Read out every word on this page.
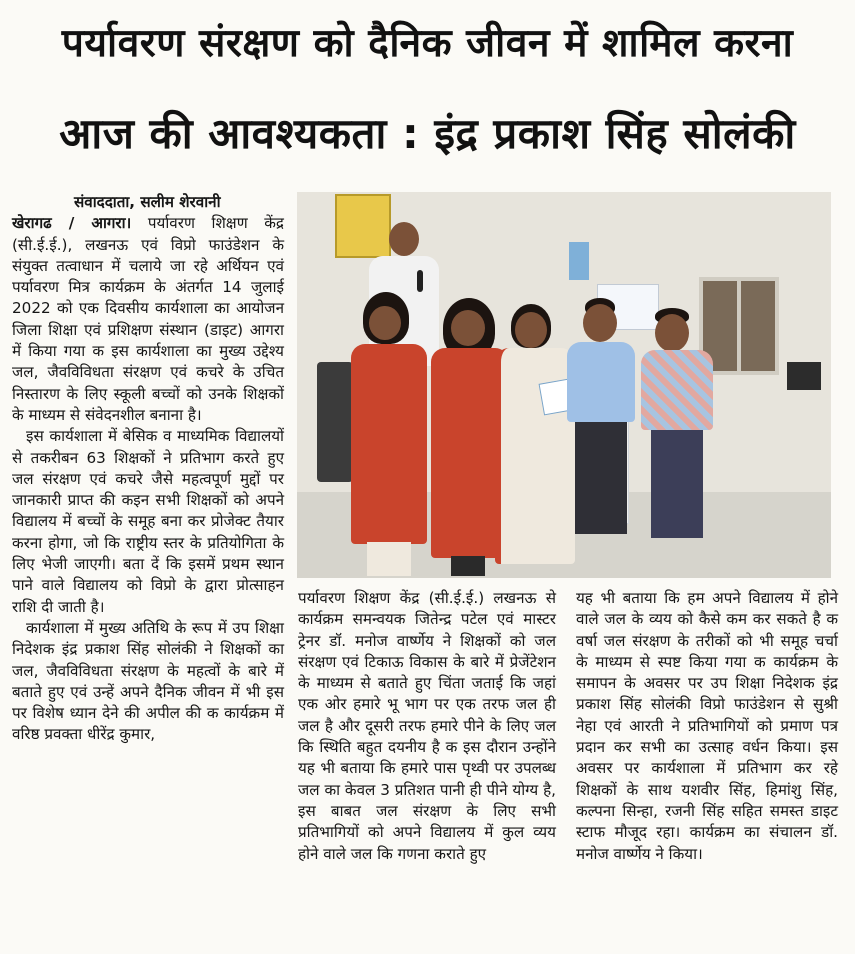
पर्यावरण संरक्षण को दैनिक जीवन में शामिल करना
आज की आवश्यकता : इंद्र प्रकाश सिंह सोलंकी

संवाददाता, सलीम शेरवानी

खेरागढ / आगरा। पर्यावरण शिक्षण केंद्र (सी.ई.ई.), लखनऊ एवं विप्रो फाउंडेशन के संयुक्त तत्वाधान में चलाये जा रहे अर्थियन एवं पर्यावरण मित्र कार्यक्रम के अंतर्गत 14 जुलाई 2022 को एक दिवसीय कार्यशाला का आयोजन जिला शिक्षा एवं प्रशिक्षण संस्थान (डाइट) आगरा में किया गया क इस कार्यशाला का मुख्य उद्देश्य जल, जैवविविधता संरक्षण एवं कचरे के उचित निस्तारण के लिए स्कूली बच्चों को उनके शिक्षकों के माध्यम से संवेदनशील बनाना है।

इस कार्यशाला में बेसिक व माध्यमिक विद्यालयों से तकरीबन 63 शिक्षकों ने प्रतिभाग करते हुए जल संरक्षण एवं कचरे जैसे महत्वपूर्ण मुद्दों पर जानकारी प्राप्त की कइन सभी शिक्षकों को अपने विद्यालय में बच्चों के समूह बना कर प्रोजेक्ट तैयार करना होगा, जो कि राष्ट्रीय स्तर के प्रतियोगिता के लिए भेजी जाएगी। बता दें कि इसमें प्रथम स्थान पाने वाले विद्यालय को विप्रो के द्वारा प्रोत्साहन राशि दी जाती है।

कार्यशाला में मुख्य अतिथि के रूप में उप शिक्षा निदेशक इंद्र प्रकाश सिंह सोलंकी ने शिक्षकों का जल, जैवविविधता संरक्षण के महत्वों के बारे में बताते हुए एवं उन्हें अपने दैनिक जीवन में भी इस पर विशेष ध्यान देने की अपील की क कार्यक्रम में वरिष्ठ प्रवक्ता धीरेंद्र कुमार,

पर्यावरण शिक्षण केंद्र (सी.ई.ई.) लखनऊ से कार्यक्रम समन्वयक जितेन्द्र पटेल एवं मास्टर ट्रेनर डॉ. मनोज वार्ष्णेय ने शिक्षकों को जल संरक्षण एवं टिकाऊ विकास के बारे में प्रेजेंटेशन के माध्यम से बताते हुए चिंता जताई कि जहां एक ओर हमारे भू भाग पर एक तरफ जल ही जल है और दूसरी तरफ हमारे पीने के लिए जल कि स्थिति बहुत दयनीय है क इस दौरान उन्होंने यह भी बताया कि हमारे पास पृथ्वी पर उपलब्ध जल का केवल 3 प्रतिशत पानी ही पीने योग्य है, इस बाबत जल संरक्षण के लिए सभी प्रतिभागियों को अपने विद्यालय में कुल व्यय होने वाले जल कि गणना कराते हुए

यह भी बताया कि हम अपने विद्यालय में होने वाले जल के व्यय को कैसे कम कर सकते है क वर्षा जल संरक्षण के तरीकों को भी समूह चर्चा के माध्यम से स्पष्ट किया गया क कार्यक्रम के समापन के अवसर पर उप शिक्षा निदेशक इंद्र प्रकाश सिंह सोलंकी विप्रो फाउंडेशन से सुश्री नेहा एवं आरती ने प्रतिभागियों को प्रमाण पत्र प्रदान कर सभी का उत्साह वर्धन किया। इस अवसर पर कार्यशाला में प्रतिभाग कर रहे शिक्षकों के साथ यशवीर सिंह, हिमांशु सिंह, कल्पना सिन्हा, रजनी सिंह सहित समस्त डाइट स्टाफ मौजूद रहा। कार्यक्रम का संचालन डॉ. मनोज वार्ष्णेय ने किया।
